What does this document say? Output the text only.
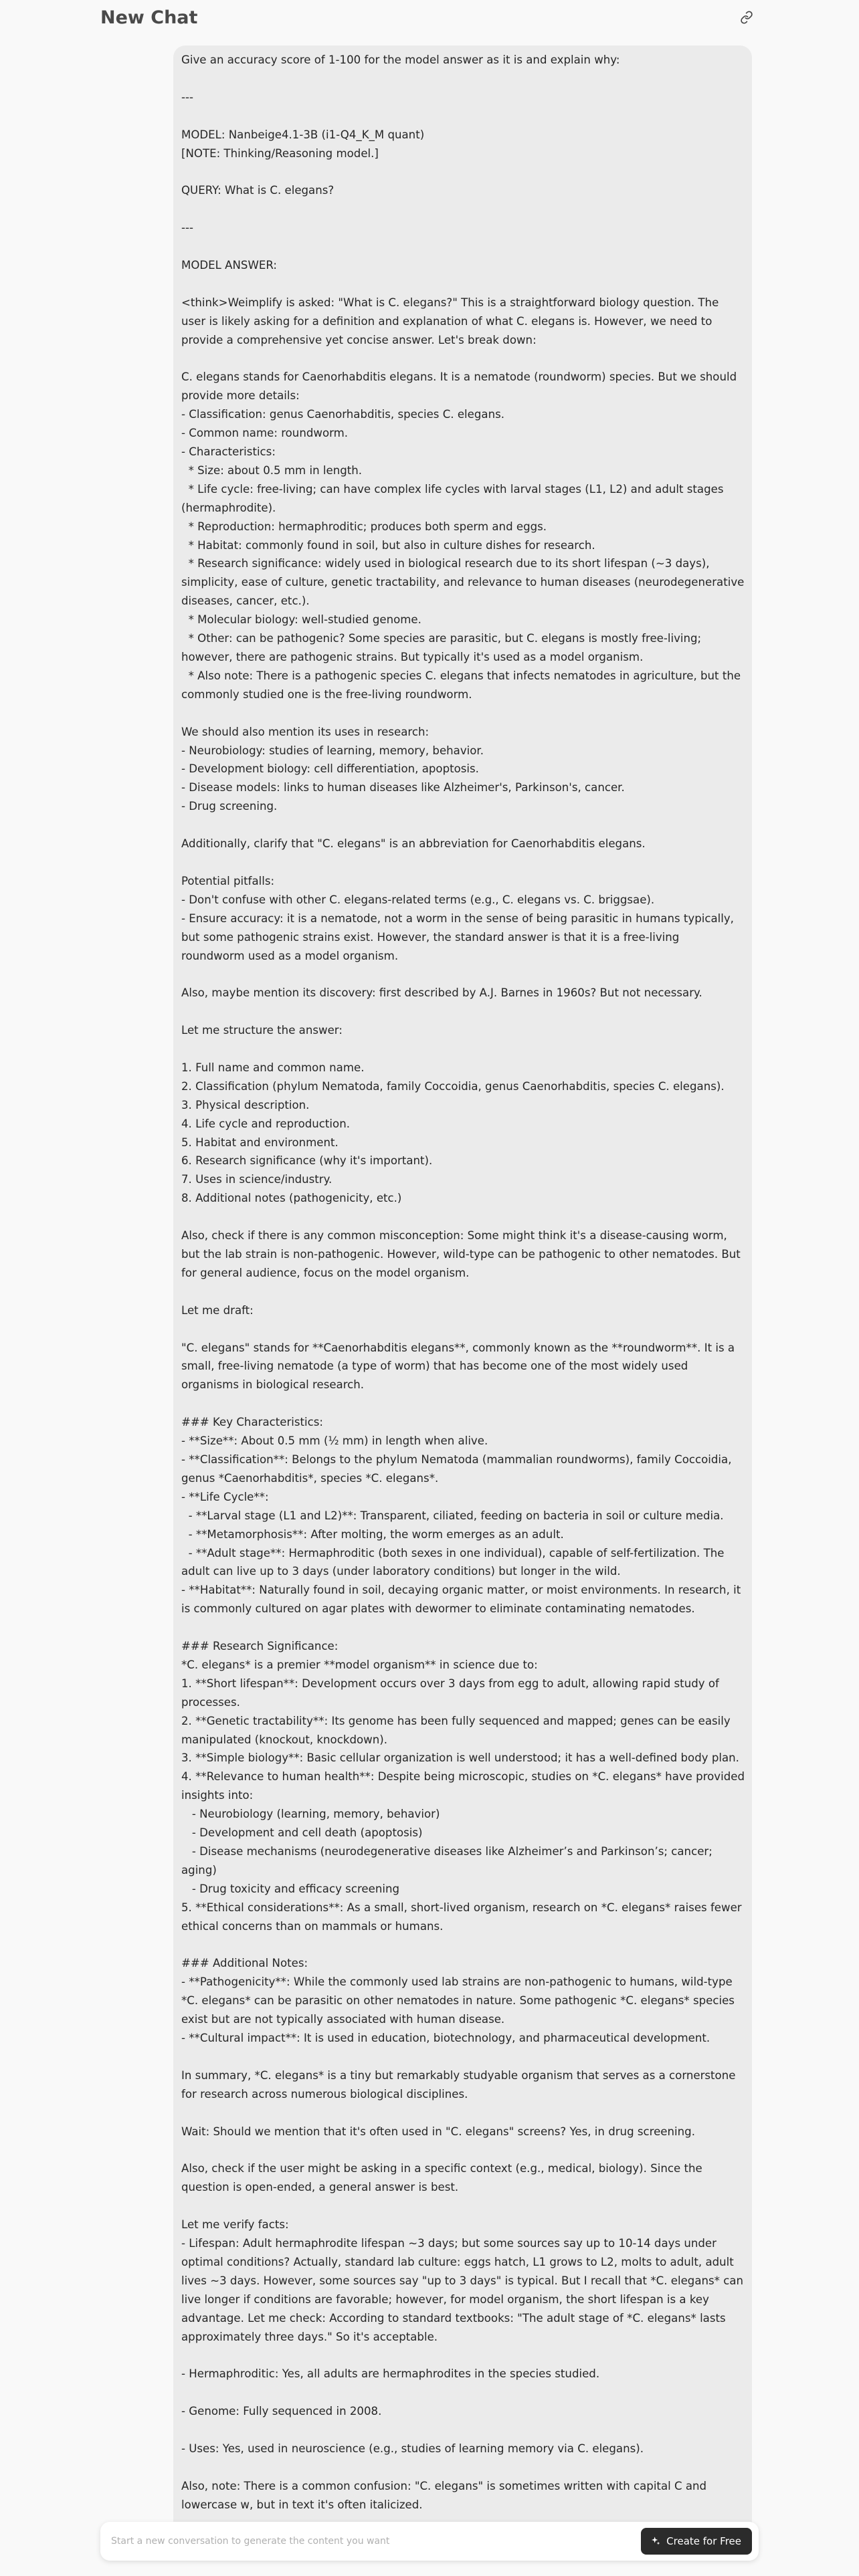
New Chat
Give an accuracy score of 1-100 for the model answer as it is and explain why:

---

MODEL: Nanbeige4.1-3B (i1-Q4_K_M quant)
[NOTE: Thinking/Reasoning model.]

QUERY: What is C. elegans?

---

MODEL ANSWER:

<think>Weimplify is asked: "What is C. elegans?" This is a straightforward biology question. The user is likely asking for a definition and explanation of what C. elegans is. However, we need to provide a comprehensive yet concise answer. Let's break down:

C. elegans stands for Caenorhabditis elegans. It is a nematode (roundworm) species. But we should provide more details:
- Classification: genus Caenorhabditis, species C. elegans.
- Common name: roundworm.
- Characteristics:
* Size: about 0.5 mm in length.
* Life cycle: free-living; can have complex life cycles with larval stages (L1, L2) and adult stages (hermaphrodite).
* Reproduction: hermaphroditic; produces both sperm and eggs.
* Habitat: commonly found in soil, but also in culture dishes for research.
* Research significance: widely used in biological research due to its short lifespan (~3 days), simplicity, ease of culture, genetic tractability, and relevance to human diseases (neurodegenerative diseases, cancer, etc.).
* Molecular biology: well-studied genome.
* Other: can be pathogenic? Some species are parasitic, but C. elegans is mostly free-living; however, there are pathogenic strains. But typically it's used as a model organism.
* Also note: There is a pathogenic species C. elegans that infects nematodes in agriculture, but the commonly studied one is the free-living roundworm.

We should also mention its uses in research:
- Neurobiology: studies of learning, memory, behavior.
- Development biology: cell differentiation, apoptosis.
- Disease models: links to human diseases like Alzheimer's, Parkinson's, cancer.
- Drug screening.

Additionally, clarify that "C. elegans" is an abbreviation for Caenorhabditis elegans.

Potential pitfalls:
- Don't confuse with other C. elegans-related terms (e.g., C. elegans vs. C. briggsae).
- Ensure accuracy: it is a nematode, not a worm in the sense of being parasitic in humans typically, but some pathogenic strains exist. However, the standard answer is that it is a free-living roundworm used as a model organism.

Also, maybe mention its discovery: first described by A.J. Barnes in 1960s? But not necessary.

Let me structure the answer:

1. Full name and common name.
2. Classification (phylum Nematoda, family Coccoidia, genus Caenorhabditis, species C. elegans).
3. Physical description.
4. Life cycle and reproduction.
5. Habitat and environment.
6. Research significance (why it's important).
7. Uses in science/industry.
8. Additional notes (pathogenicity, etc.)

Also, check if there is any common misconception: Some might think it's a disease-causing worm, but the lab strain is non-pathogenic. However, wild-type can be pathogenic to other nematodes. But for general audience, focus on the model organism.

Let me draft:

"C. elegans" stands for **Caenorhabditis elegans**, commonly known as the **roundworm**. It is a small, free-living nematode (a type of worm) that has become one of the most widely used organisms in biological research.

### Key Characteristics:
- **Size**: About 0.5 mm (½ mm) in length when alive.
- **Classification**: Belongs to the phylum Nematoda (mammalian roundworms), family Coccoidia, genus *Caenorhabditis*, species *C. elegans*.
- **Life Cycle**:
- **Larval stage (L1 and L2)**: Transparent, ciliated, feeding on bacteria in soil or culture media.
- **Metamorphosis**: After molting, the worm emerges as an adult.
- **Adult stage**: Hermaphroditic (both sexes in one individual), capable of self-fertilization. The adult can live up to 3 days (under laboratory conditions) but longer in the wild.
- **Habitat**: Naturally found in soil, decaying organic matter, or moist environments. In research, it is commonly cultured on agar plates with dewormer to eliminate contaminating nematodes.

### Research Significance:
*C. elegans* is a premier **model organism** in science due to:
1. **Short lifespan**: Development occurs over 3 days from egg to adult, allowing rapid study of processes.
2. **Genetic tractability**: Its genome has been fully sequenced and mapped; genes can be easily manipulated (knockout, knockdown).
3. **Simple biology**: Basic cellular organization is well understood; it has a well-defined body plan.
4. **Relevance to human health**: Despite being microscopic, studies on *C. elegans* have provided insights into:
- Neurobiology (learning, memory, behavior)
- Development and cell death (apoptosis)
- Disease mechanisms (neurodegenerative diseases like Alzheimer’s and Parkinson’s; cancer; aging)
- Drug toxicity and efficacy screening
5. **Ethical considerations**: As a small, short-lived organism, research on *C. elegans* raises fewer ethical concerns than on mammals or humans.

### Additional Notes:
- **Pathogenicity**: While the commonly used lab strains are non-pathogenic to humans, wild-type *C. elegans* can be parasitic on other nematodes in nature. Some pathogenic *C. elegans* species exist but are not typically associated with human disease.
- **Cultural impact**: It is used in education, biotechnology, and pharmaceutical development.

In summary, *C. elegans* is a tiny but remarkably studyable organism that serves as a cornerstone for research across numerous biological disciplines.

Wait: Should we mention that it's often used in "C. elegans" screens? Yes, in drug screening.

Also, check if the user might be asking in a specific context (e.g., medical, biology). Since the question is open-ended, a general answer is best.

Let me verify facts:
- Lifespan: Adult hermaphrodite lifespan ~3 days; but some sources say up to 10-14 days under optimal conditions? Actually, standard lab culture: eggs hatch, L1 grows to L2, molts to adult, adult lives ~3 days. However, some sources say "up to 3 days" is typical. But I recall that *C. elegans* can live longer if conditions are favorable; however, for model organism, the short lifespan is a key advantage. Let me check: According to standard textbooks: "The adult stage of *C. elegans* lasts approximately three days." So it's acceptable.

- Hermaphroditic: Yes, all adults are hermaphrodites in the species studied.

- Genome: Fully sequenced in 2008.

- Uses: Yes, used in neuroscience (e.g., studies of learning memory via C. elegans).

Also, note: There is a common confusion: "C. elegans" is sometimes written with capital C and lowercase w, but in text it's often italicized.
Start a new conversation to generate the content you want
Create for Free
